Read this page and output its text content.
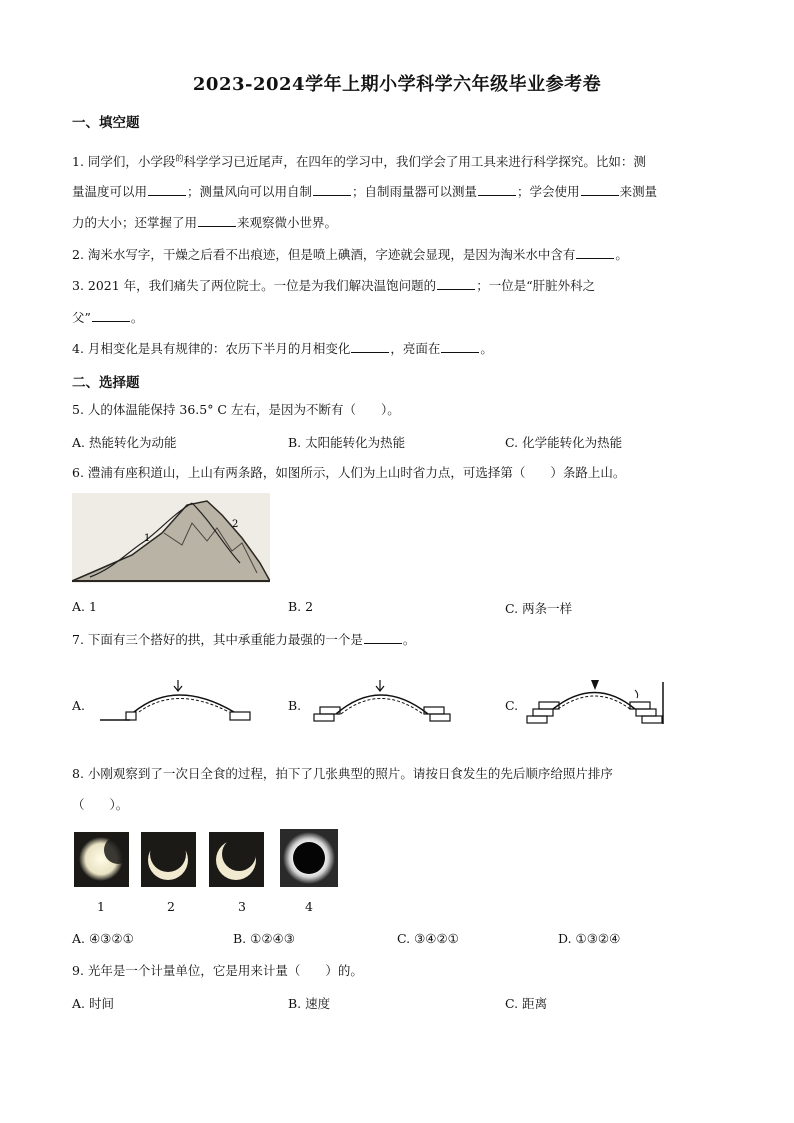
2023-2024学年上期小学科学六年级毕业参考卷
一、填空题
1. 同学们，小学段$^的$科学学习已近尾声，在四年的学习中，我们学会了用工具来进行科学探究。比如：测
量温度可以用	；测量风向可以用自制	；自制雨量器可以测量	；学会使用	来测量
力的大小；还掌握了用	来观察微小世界。
2. 淘米水写字，干燥之后看不出痕迹，但是喷上碘酒，字迹就会显现，是因为淘米水中含有	。
3. 2021 年，我们痛失了两位院士。一位是为我们解决温饱问题的	；一位是“肝脏外科之
父”	。
4. 月相变化是具有规律的：农历下半月的月相变化	，亮面在	。
二、选择题
5. 人的体温能保持 36.5° C 左右，是因为不断有（　　）。
A. 热能转化为动能	B. 太阳能转化为热能	C. 化学能转化为热能
6. 澧浦有座积道山，上山有两条路，如图所示，人们为上山时省力点，可选择第（　　）条路上山。
1
2
A. 1	B. 2	C. 两条一样
7. 下面有三个搭好的拱，其中承重能力最强的一个是	。
A.	B.	C.
8. 小刚观察到了一次日全食的过程，拍下了几张典型的照片。请按日食发生的先后顺序给照片排序
（　　）。
1	2	3	4
A. ④③②①	B. ①②④③	C. ③④②①	D. ①③②④
9. 光年是一个计量单位，它是用来计量（　　）的。
A. 时间	B. 速度	C. 距离
